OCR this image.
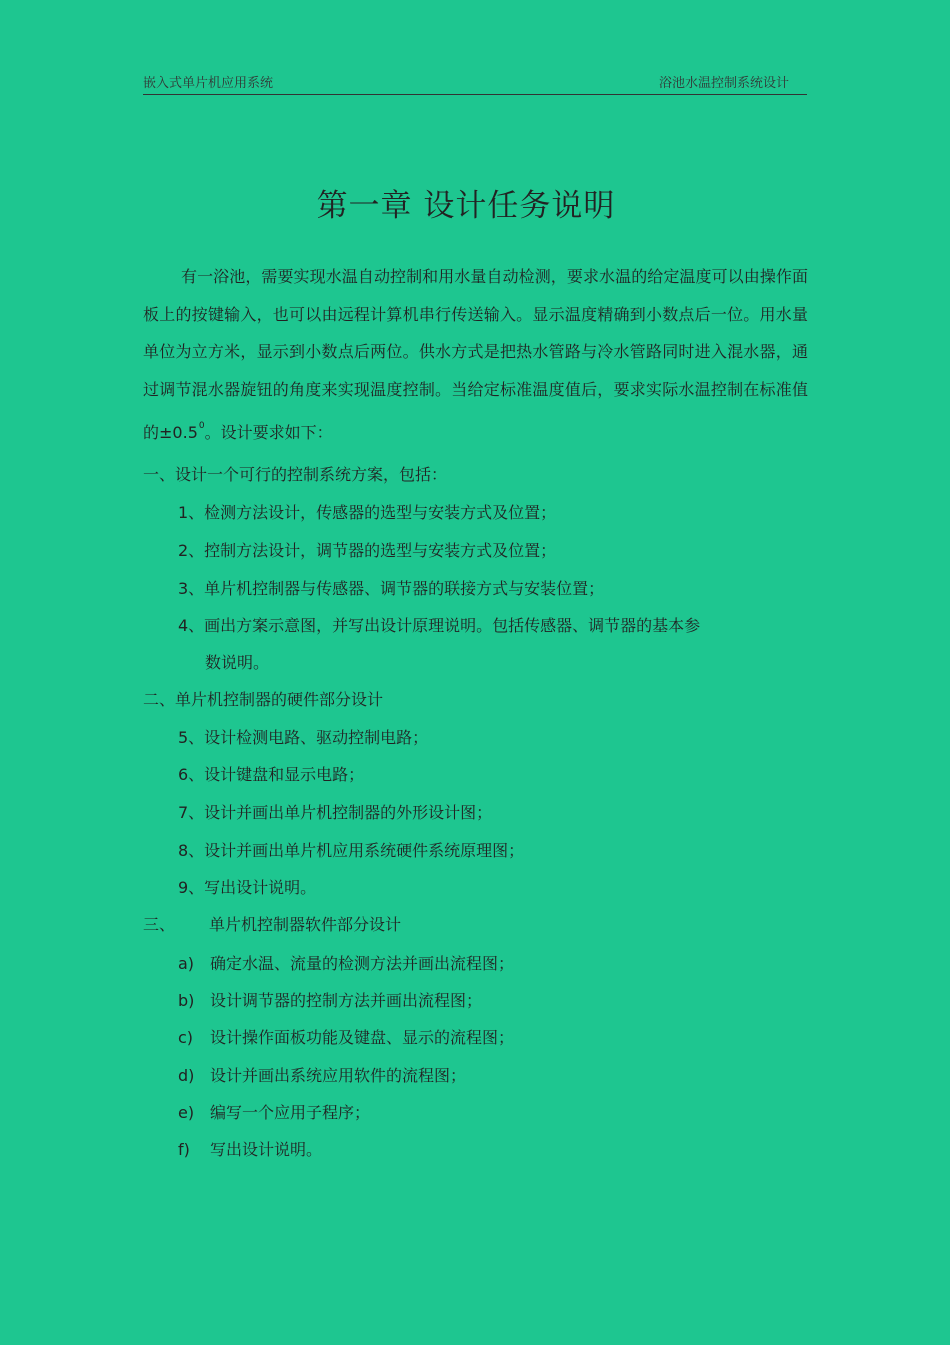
嵌入式单片机应用系统	浴池水温控制系统设计
第一章 设计任务说明
有一浴池，需要实现水温自动控制和用水量自动检测，要求水温的给定温度可以由操作面板上的按键输入，也可以由远程计算机串行传送输入。显示温度精确到小数点后一位。用水量单位为立方米，显示到小数点后两位。供水方式是把热水管路与冷水管路同时进入混水器，通过调节混水器旋钮的角度来实现温度控制。当给定标准温度值后，要求实际水温控制在标准值的$\pm 0.5^0$。设计要求如下：
一、设计一个可行的控制系统方案，包括：
1、检测方法设计，传感器的选型与安装方式及位置；
2、控制方法设计，调节器的选型与安装方式及位置；
3、单片机控制器与传感器、调节器的联接方式与安装位置；
4、画出方案示意图，并写出设计原理说明。包括传感器、调节器的基本参
数说明。
二、单片机控制器的硬件部分设计
5、设计检测电路、驱动控制电路；
6、设计键盘和显示电路；
7、设计并画出单片机控制器的外形设计图；
8、设计并画出单片机应用系统硬件系统原理图；
9、写出设计说明。
三、 单片机控制器软件部分设计
a) 确定水温、流量的检测方法并画出流程图；
b) 设计调节器的控制方法并画出流程图；
c) 设计操作面板功能及键盘、显示的流程图；
d) 设计并画出系统应用软件的流程图；
e) 编写一个应用子程序；
f) 写出设计说明。
